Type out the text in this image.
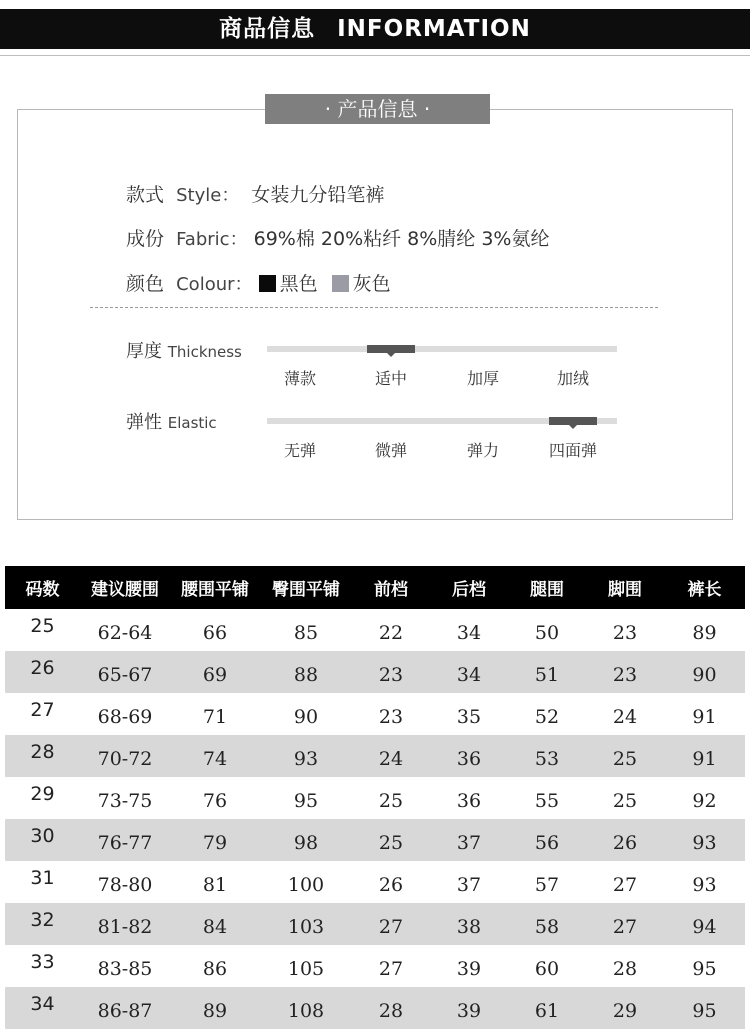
商品信息 INFORMATION
· 产品信息 ·
款式 Style： 女装九分铅笔裤
成份 Fabric： 69%棉 20%粘纤 8%腈纶 3%氨纶
颜色 Colour： 黑色 灰色
厚度 Thickness
薄款	适中	加厚	加绒
弹性 Elastic
无弹	微弹	弹力	四面弹
码数	建议腰围	腰围平铺	臀围平铺	前档	后档	腿围	脚围	裤长
25	62-64	66	85	22	34	50	23	89
26	65-67	69	88	23	34	51	23	90
27	68-69	71	90	23	35	52	24	91
28	70-72	74	93	24	36	53	25	91
29	73-75	76	95	25	36	55	25	92
30	76-77	79	98	25	37	56	26	93
31	78-80	81	100	26	37	57	27	93
32	81-82	84	103	27	38	58	27	94
33	83-85	86	105	27	39	60	28	95
34	86-87	89	108	28	39	61	29	95
